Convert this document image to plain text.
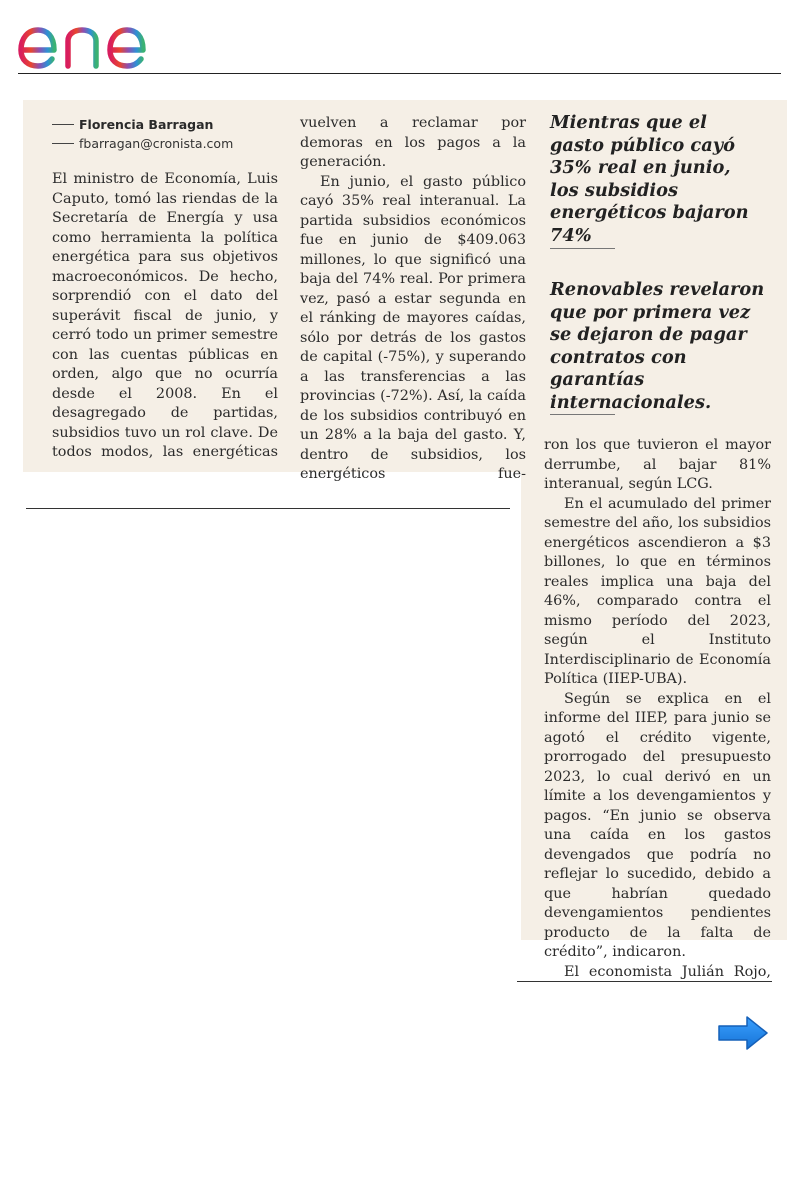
Florencia Barragan
fbarragan@cronista.com

El ministro de Economía, Luis Caputo, tomó las riendas de la Secretaría de Energía y usa como herramienta la política energética para sus objetivos macroeconómicos. De hecho, sorprendió con el dato del superávit fiscal de junio, y cerró todo un primer semestre con las cuentas públicas en orden, algo que no ocurría desde el 2008. En el desagregado de partidas, subsidios tuvo un rol clave. De todos modos, las energéticas

vuelven a reclamar por demoras en los pagos a la generación.

En junio, el gasto público cayó 35% real interanual. La partida subsidios económicos fue en junio de $409.063 millones, lo que significó una baja del 74% real. Por primera vez, pasó a estar segunda en el ránking de mayores caídas, sólo por detrás de los gastos de capital (-75%), y superando a las transferencias a las provincias (-72%). Así, la caída de los subsidios contribuyó en un 28% a la baja del gasto. Y, dentro de subsidios, los energéticos fue-

Mientras que el gasto público cayó 35% real en junio, los subsidios energéticos bajaron 74%

Renovables revelaron que por primera vez se dejaron de pagar contratos con garantías internacionales.

ron los que tuvieron el mayor derrumbe, al bajar 81% interanual, según LCG.

En el acumulado del primer semestre del año, los subsidios energéticos ascendieron a $3 billones, lo que en términos reales implica una baja del 46%, comparado contra el mismo período del 2023, según el Instituto Interdisciplinario de Economía Política (IIEP-UBA).

Según se explica en el informe del IIEP, para junio se agotó el crédito vigente, prorrogado del presupuesto 2023, lo cual derivó en un límite a los devengamientos y pagos. “En junio se observa una caída en los gastos devengados que podría no reflejar lo sucedido, debido a que habrían quedado devengamientos pendientes producto de la falta de crédito”, indicaron.

El economista Julián Rojo,
